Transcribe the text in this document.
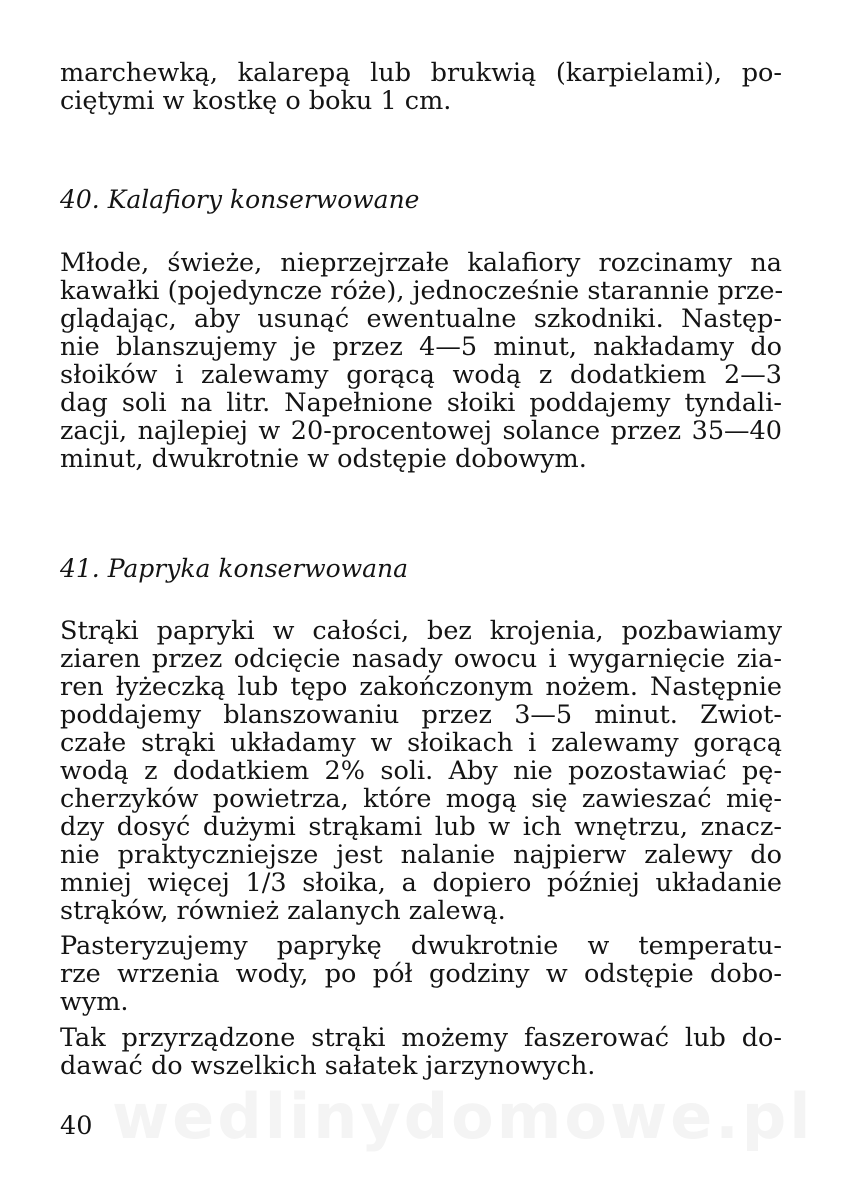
marchewką, kalarepą lub brukwią (karpielami), po-

ciętymi w kostkę o boku 1 cm.

40. Kalafiory konserwowane

Młode, świeże, nieprzejrzałe kalafiory rozcinamy na

kawałki (pojedyncze róże), jednocześnie starannie prze-

glądając, aby usunąć ewentualne szkodniki. Następ-

nie blanszujemy je przez 4—5 minut, nakładamy do

słoików i zalewamy gorącą wodą z dodatkiem 2—3

dag soli na litr. Napełnione słoiki poddajemy tyndali-

zacji, najlepiej w 20-procentowej solance przez 35—40

minut, dwukrotnie w odstępie dobowym.

41. Papryka konserwowana

Strąki papryki w całości, bez krojenia, pozbawiamy

ziaren przez odcięcie nasady owocu i wygarnięcie zia-

ren łyżeczką lub tępo zakończonym nożem. Następnie

poddajemy blanszowaniu przez 3—5 minut. Zwiot-

czałe strąki układamy w słoikach i zalewamy gorącą

wodą z dodatkiem 2% soli. Aby nie pozostawiać pę-

cherzyków powietrza, które mogą się zawieszać mię-

dzy dosyć dużymi strąkami lub w ich wnętrzu, znacz-

nie praktyczniejsze jest nalanie najpierw zalewy do

mniej więcej 1/3 słoika, a dopiero później układanie

strąków, również zalanych zalewą.

Pasteryzujemy paprykę dwukrotnie w temperatu-

rze wrzenia wody, po pół godziny w odstępie dobo-

wym.

Tak przyrządzone strąki możemy faszerować lub do-

dawać do wszelkich sałatek jarzynowych.

wedlinydomowe.pl

40
